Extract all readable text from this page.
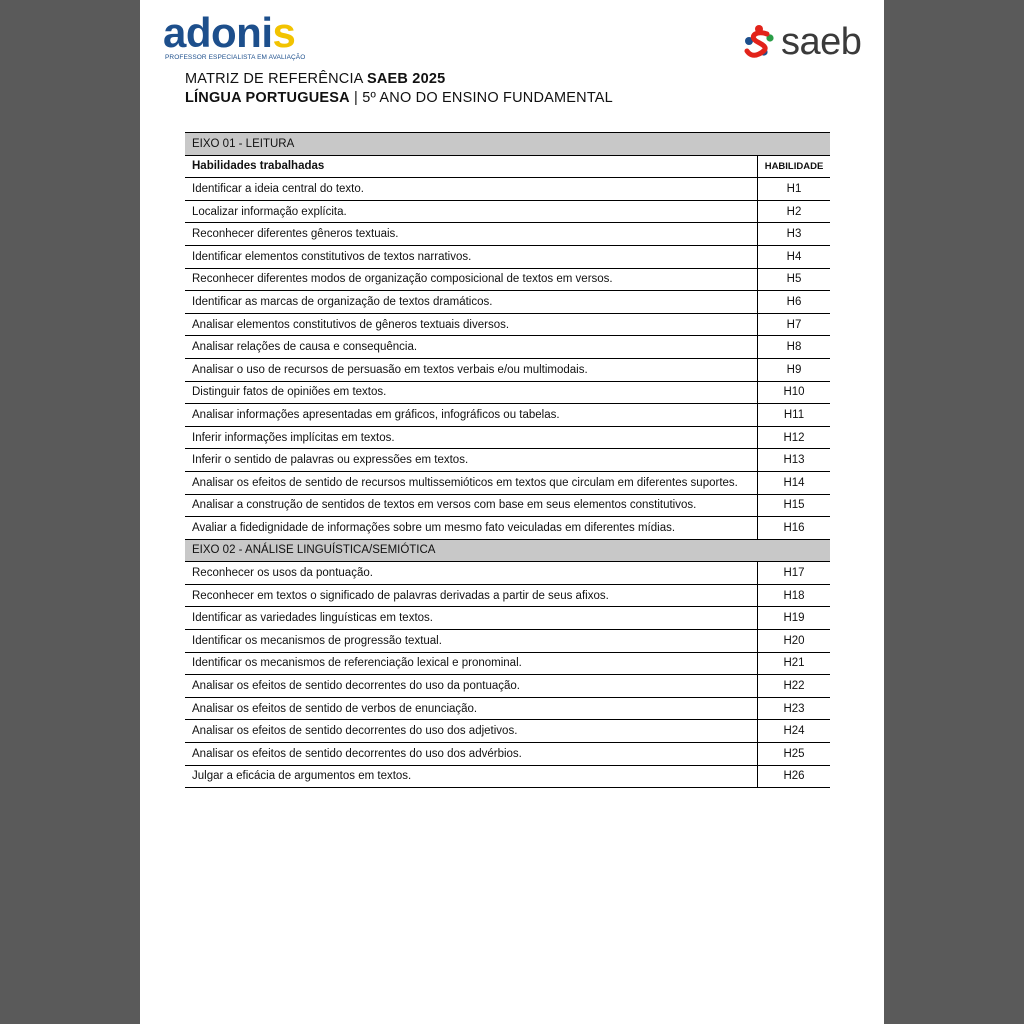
adonis
PROFESSOR ESPECIALISTA EM AVALIAÇÃO	saeb
MATRIZ DE REFERÊNCIA SAEB 2025
LÍNGUA PORTUGUESA | 5º ANO DO ENSINO FUNDAMENTAL
EIXO 01 - LEITURA	
Habilidades trabalhadas	HABILIDADE
Identificar a ideia central do texto.	H1
Localizar informação explícita.	H2
Reconhecer diferentes gêneros textuais.	H3
Identificar elementos constitutivos de textos narrativos.	H4
Reconhecer diferentes modos de organização composicional de textos em versos.	H5
Identificar as marcas de organização de textos dramáticos.	H6
Analisar elementos constitutivos de gêneros textuais diversos.	H7
Analisar relações de causa e consequência.	H8
Analisar o uso de recursos de persuasão em textos verbais e/ou multimodais.	H9
Distinguir fatos de opiniões em textos.	H10
Analisar informações apresentadas em gráficos, infográficos ou tabelas.	H11
Inferir informações implícitas em textos.	H12
Inferir o sentido de palavras ou expressões em textos.	H13
Analisar os efeitos de sentido de recursos multissemióticos em textos que circulam em diferentes suportes.	H14
Analisar a construção de sentidos de textos em versos com base em seus elementos constitutivos.	H15
Avaliar a fidedignidade de informações sobre um mesmo fato veiculadas em diferentes mídias.	H16
EIXO 02 - ANÁLISE LINGUÍSTICA/SEMIÓTICA	
Reconhecer os usos da pontuação.	H17
Reconhecer em textos o significado de palavras derivadas a partir de seus afixos.	H18
Identificar as variedades linguísticas em textos.	H19
Identificar os mecanismos de progressão textual.	H20
Identificar os mecanismos de referenciação lexical e pronominal.	H21
Analisar os efeitos de sentido decorrentes do uso da pontuação.	H22
Analisar os efeitos de sentido de verbos de enunciação.	H23
Analisar os efeitos de sentido decorrentes do uso dos adjetivos.	H24
Analisar os efeitos de sentido decorrentes do uso dos advérbios.	H25
Julgar a eficácia de argumentos em textos.	H26
